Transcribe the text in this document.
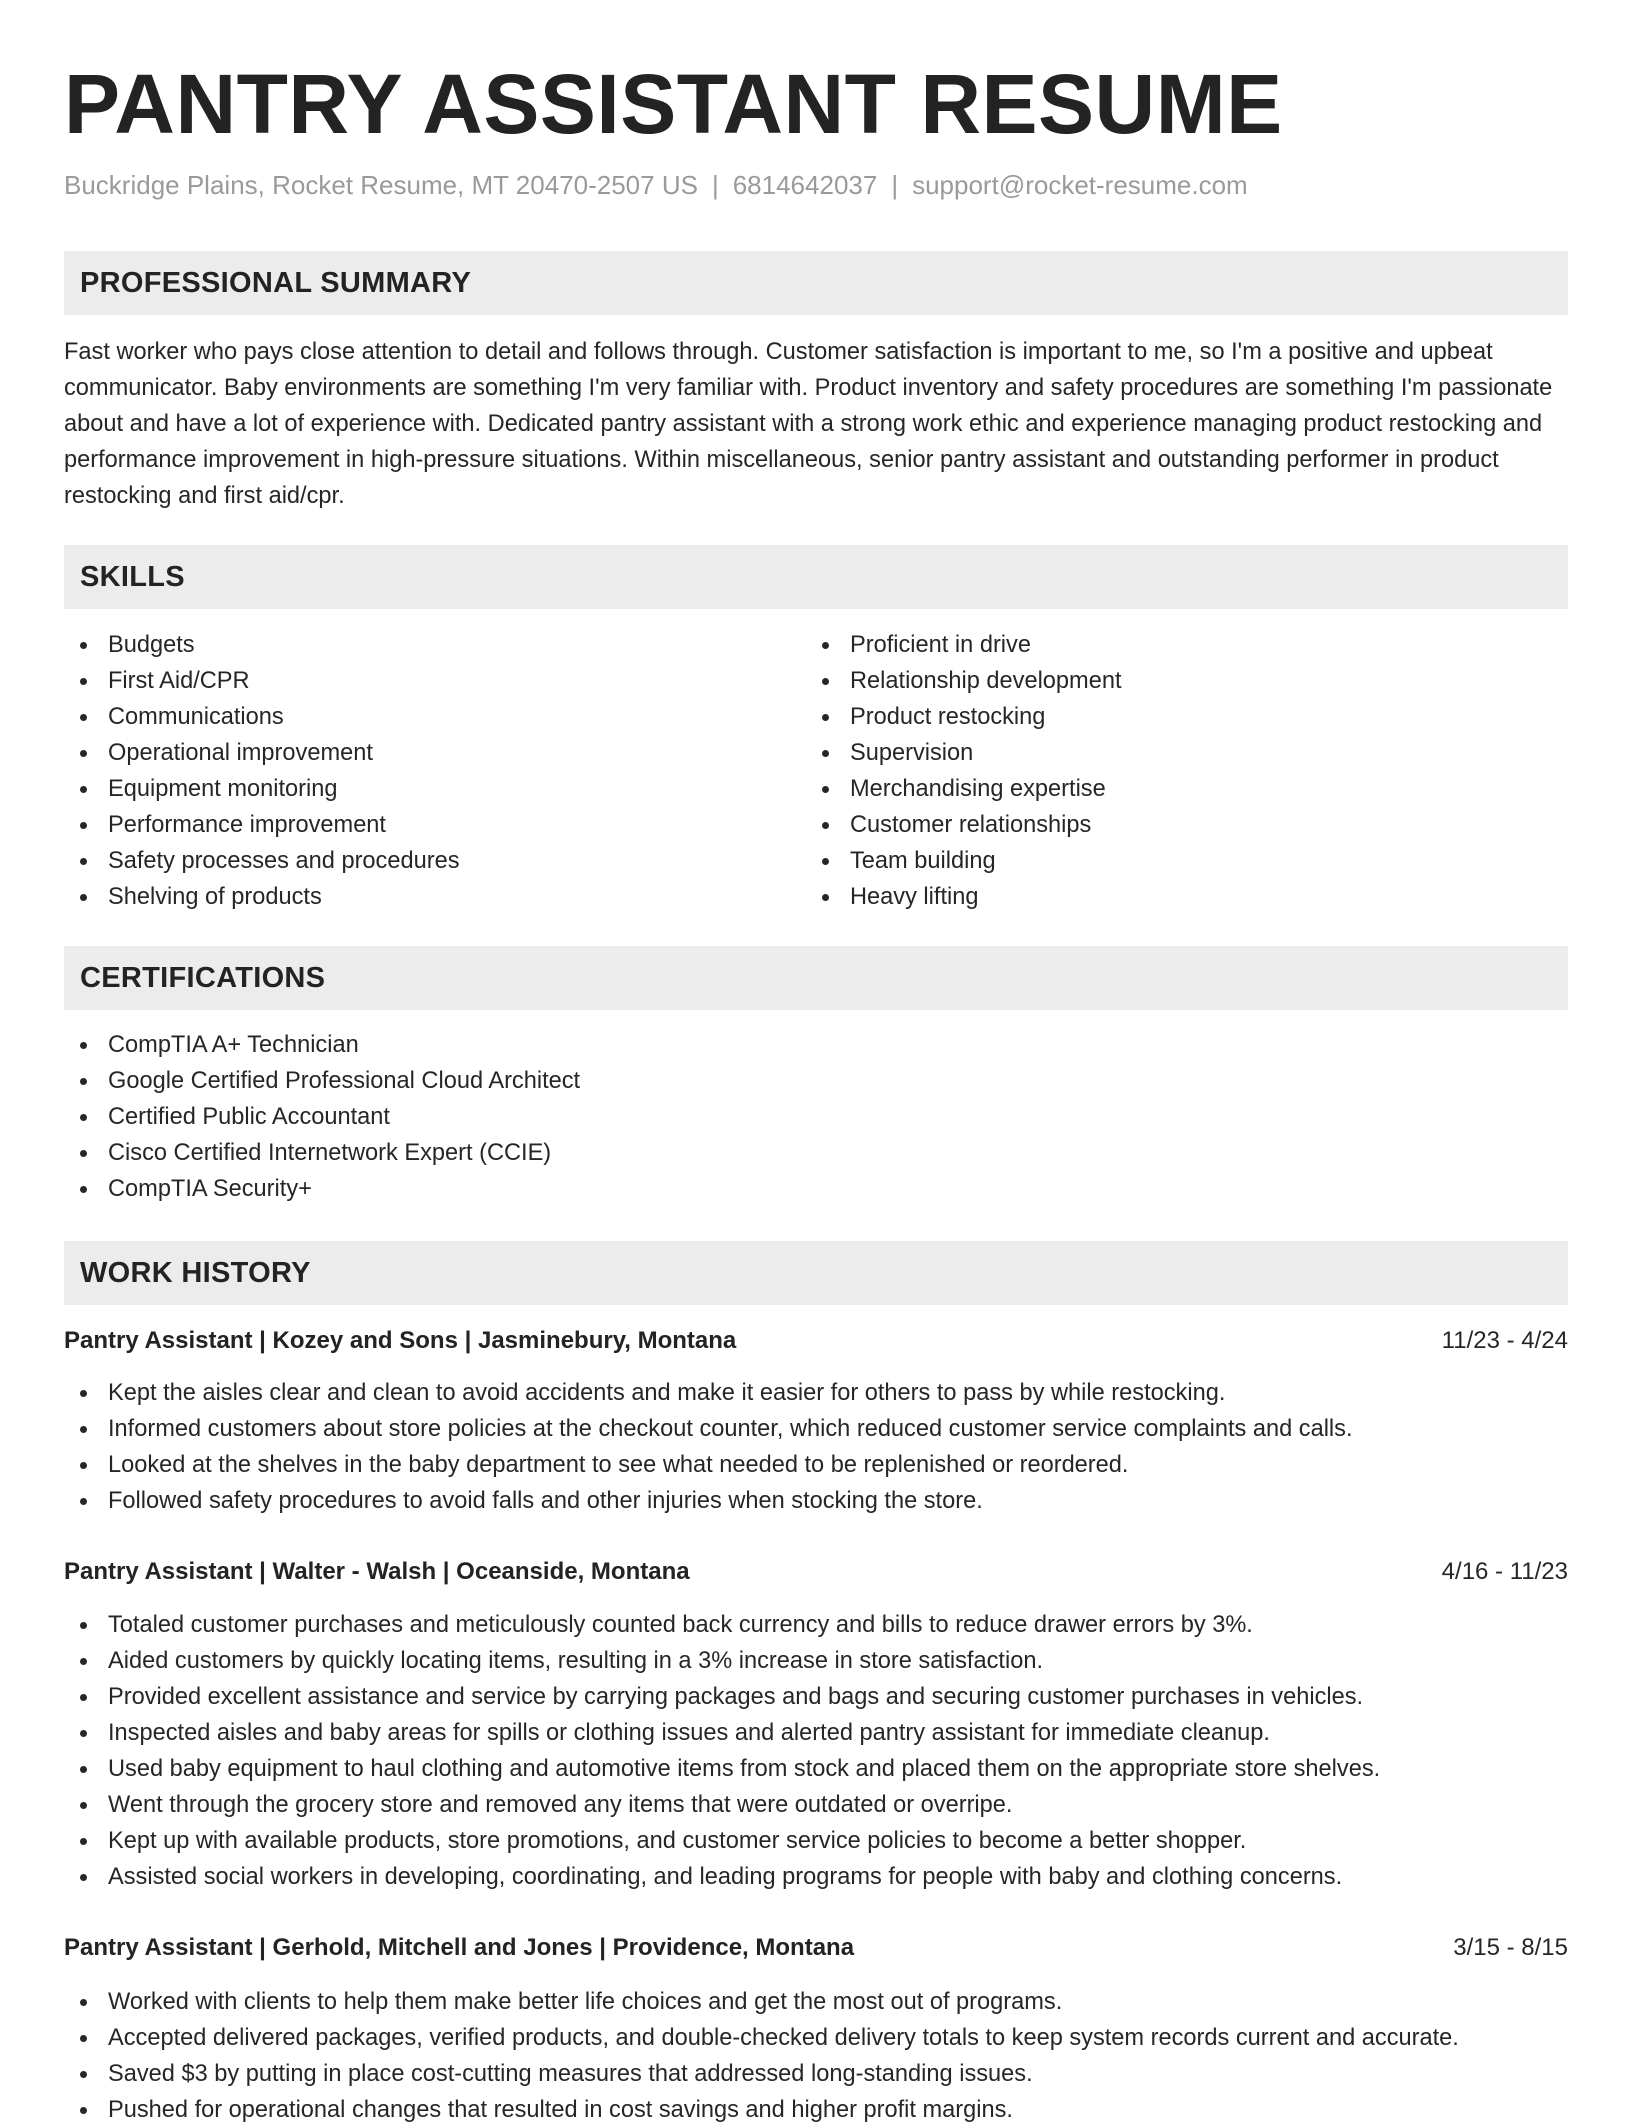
PANTRY ASSISTANT RESUME
Buckridge Plains, Rocket Resume, MT 20470-2507 US | 6814642037 | support@rocket-resume.com
PROFESSIONAL SUMMARY

Fast worker who pays close attention to detail and follows through. Customer satisfaction is important to me, so I'm a positive and upbeat communicator. Baby environments are something I'm very familiar with. Product inventory and safety procedures are something I'm passionate about and have a lot of experience with. Dedicated pantry assistant with a strong work ethic and experience managing product restocking and performance improvement in high-pressure situations. Within miscellaneous, senior pantry assistant and outstanding performer in product restocking and first aid/cpr.

SKILLS
Budgets
First Aid/CPR
Communications
Operational improvement
Equipment monitoring
Performance improvement
Safety processes and procedures
Shelving of products
Proficient in drive
Relationship development
Product restocking
Supervision
Merchandising expertise
Customer relationships
Team building
Heavy lifting
CERTIFICATIONS
CompTIA A+ Technician
Google Certified Professional Cloud Architect
Certified Public Accountant
Cisco Certified Internetwork Expert (CCIE)
CompTIA Security+
WORK HISTORY
Pantry Assistant | Kozey and Sons | Jasminebury, Montana	11/23 - 4/24
Kept the aisles clear and clean to avoid accidents and make it easier for others to pass by while restocking.
Informed customers about store policies at the checkout counter, which reduced customer service complaints and calls.
Looked at the shelves in the baby department to see what needed to be replenished or reordered.
Followed safety procedures to avoid falls and other injuries when stocking the store.
Pantry Assistant | Walter - Walsh | Oceanside, Montana	4/16 - 11/23
Totaled customer purchases and meticulously counted back currency and bills to reduce drawer errors by 3%.
Aided customers by quickly locating items, resulting in a 3% increase in store satisfaction.
Provided excellent assistance and service by carrying packages and bags and securing customer purchases in vehicles.
Inspected aisles and baby areas for spills or clothing issues and alerted pantry assistant for immediate cleanup.
Used baby equipment to haul clothing and automotive items from stock and placed them on the appropriate store shelves.
Went through the grocery store and removed any items that were outdated or overripe.
Kept up with available products, store promotions, and customer service policies to become a better shopper.
Assisted social workers in developing, coordinating, and leading programs for people with baby and clothing concerns.
Pantry Assistant | Gerhold, Mitchell and Jones | Providence, Montana	3/15 - 8/15
Worked with clients to help them make better life choices and get the most out of programs.
Accepted delivered packages, verified products, and double-checked delivery totals to keep system records current and accurate.
Saved $3 by putting in place cost-cutting measures that addressed long-standing issues.
Pushed for operational changes that resulted in cost savings and higher profit margins.
